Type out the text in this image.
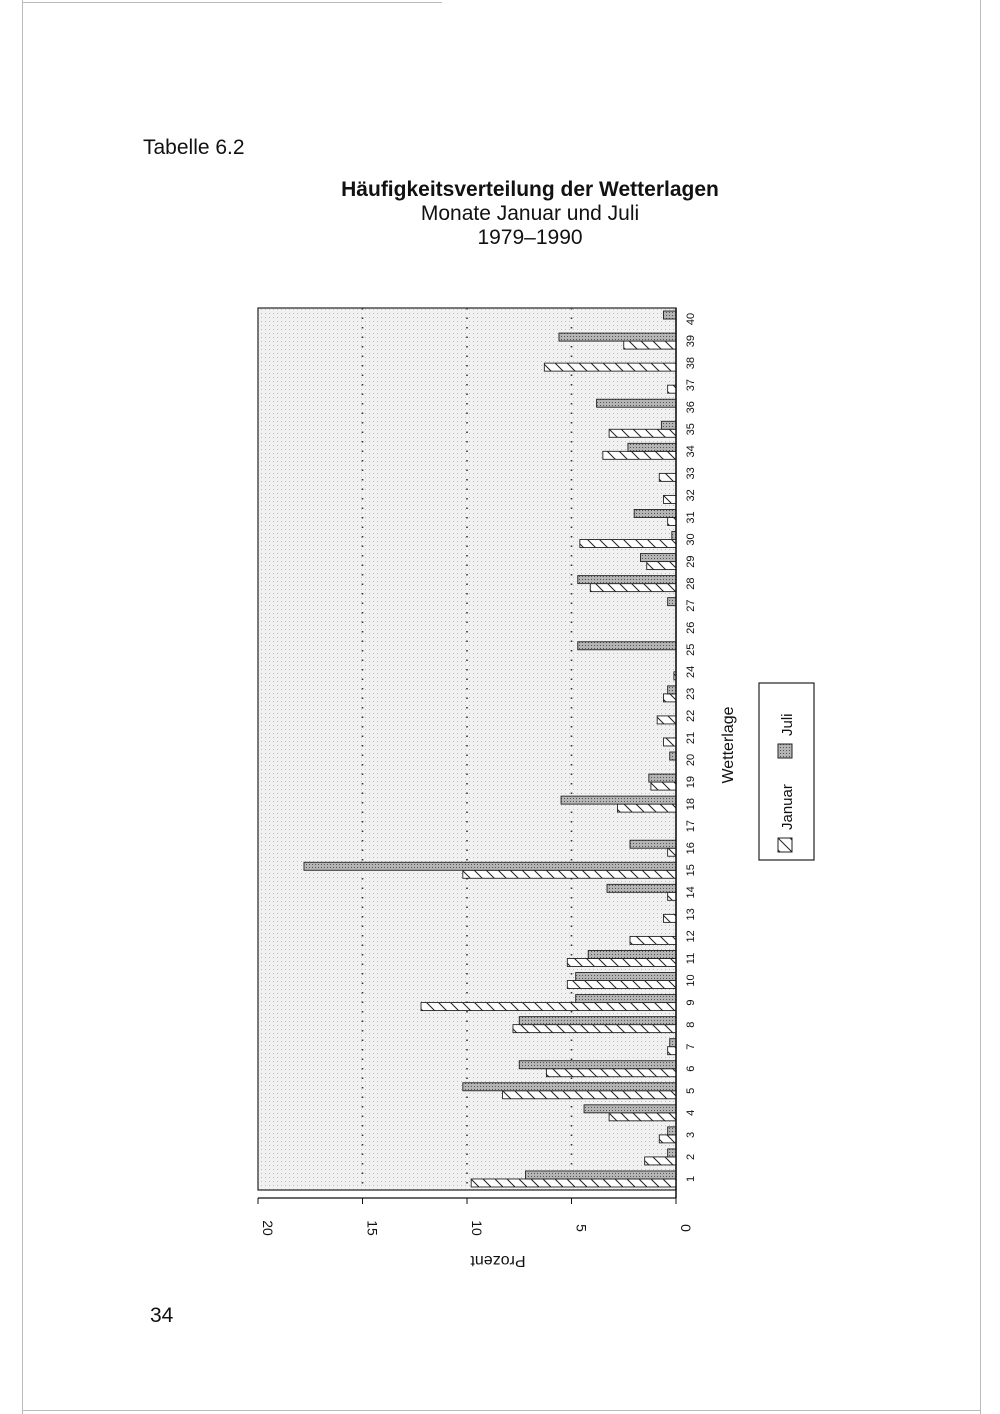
Tabelle 6.2
Häufigkeitsverteilung der Wetterlagen
Monate Januar und Juli
1979–1990
34
0
5
10
15
20
1
2
3
4
5
6
7
8
9
10
11
12
13
14
15
16
17
18
19
20
21
22
23
24
25
26
27
28
29
30
31
32
33
34
35
36
37
38
39
40
Wetterlage
Prozent
Januar
Juli
